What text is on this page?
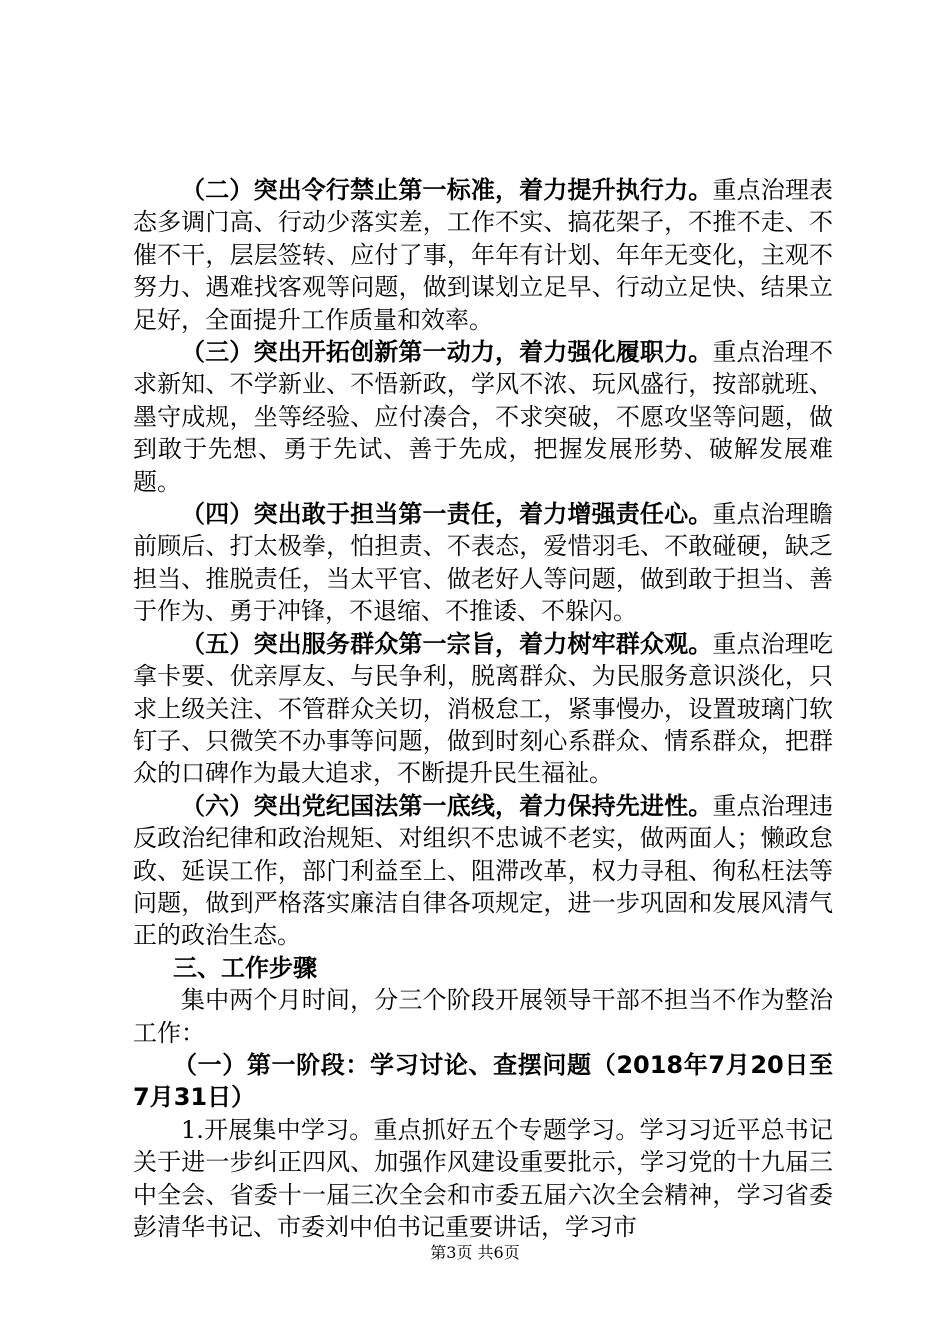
（二）突出令行禁止第一标准，着力提升执行力。重点治理表态多调门高、行动少落实差，工作不实、搞花架子，不推不走、不催不干，层层签转、应付了事，年年有计划、年年无变化，主观不努力、遇难找客观等问题，做到谋划立足早、行动立足快、结果立足好，全面提升工作质量和效率。

（三）突出开拓创新第一动力，着力强化履职力。重点治理不求新知、不学新业、不悟新政，学风不浓、玩风盛行，按部就班、墨守成规，坐等经验、应付凑合，不求突破，不愿攻坚等问题，做到敢于先想、勇于先试、善于先成，把握发展形势、破解发展难题。

（四）突出敢于担当第一责任，着力增强责任心。重点治理瞻前顾后、打太极拳，怕担责、不表态，爱惜羽毛、不敢碰硬，缺乏担当、推脱责任，当太平官、做老好人等问题，做到敢于担当、善于作为、勇于冲锋，不退缩、不推诿、不躲闪。

（五）突出服务群众第一宗旨，着力树牢群众观。重点治理吃拿卡要、优亲厚友、与民争利，脱离群众、为民服务意识淡化，只求上级关注、不管群众关切，消极怠工，紧事慢办，设置玻璃门软钉子、只微笑不办事等问题，做到时刻心系群众、情系群众，把群众的口碑作为最大追求，不断提升民生福祉。

（六）突出党纪国法第一底线，着力保持先进性。重点治理违反政治纪律和政治规矩、对组织不忠诚不老实，做两面人；懒政怠政、延误工作，部门利益至上、阻滞改革，权力寻租、徇私枉法等问题，做到严格落实廉洁自律各项规定，进一步巩固和发展风清气正的政治生态。

三、工作步骤

集中两个月时间，分三个阶段开展领导干部不担当不作为整治工作：

（一）第一阶段：学习讨论、查摆问题（2018年7月20日至7月31日）

1.开展集中学习。重点抓好五个专题学习。学习习近平总书记关于进一步纠正四风、加强作风建设重要批示，学习党的十九届三中全会、省委十一届三次全会和市委五届六次全会精神，学习省委彭清华书记、市委刘中伯书记重要讲话，学习市

第3页 共6页
